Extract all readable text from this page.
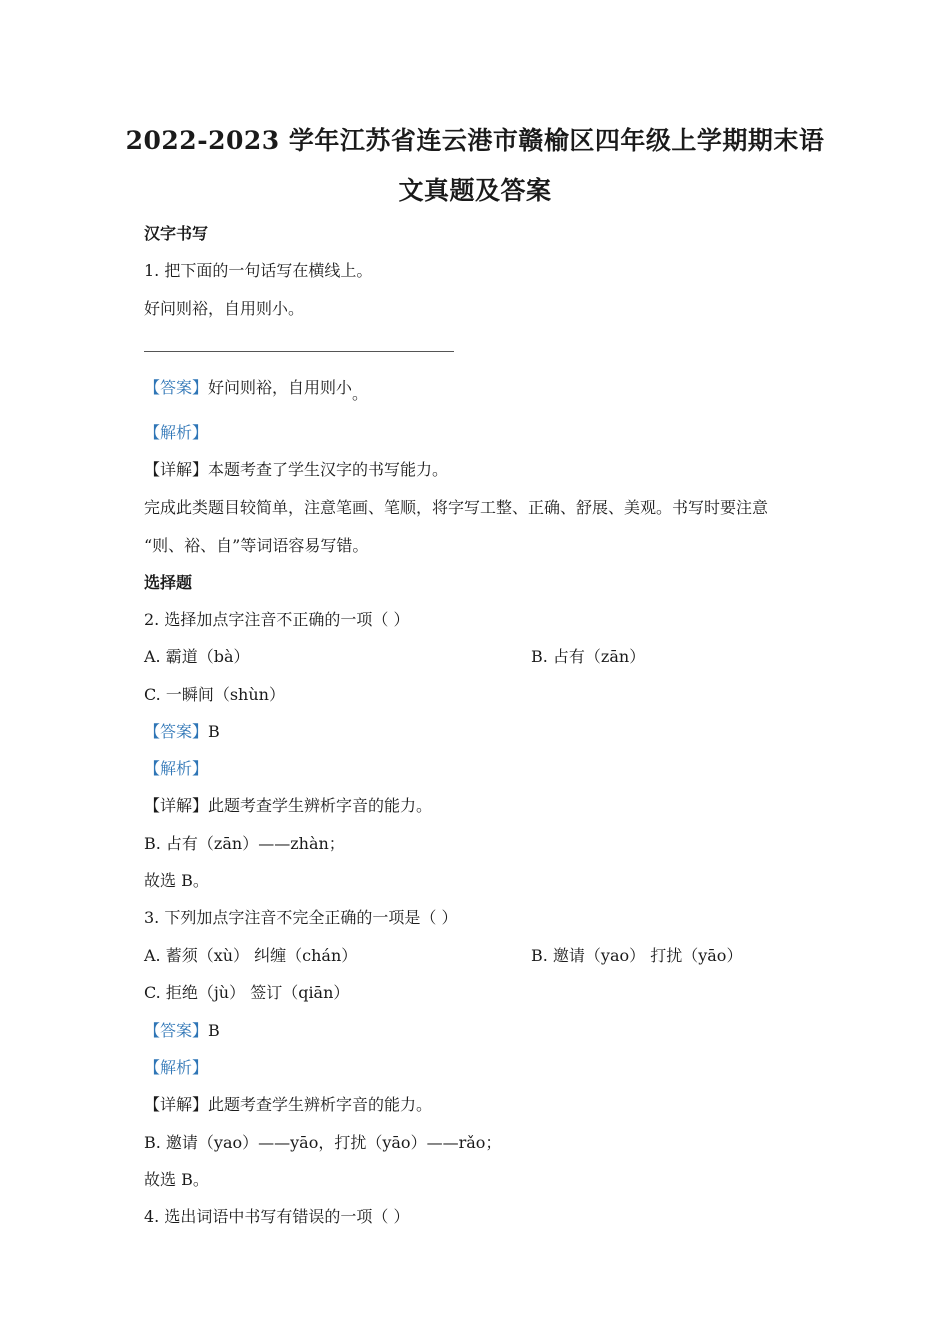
2022-2023 学年江苏省连云港市赣榆区四年级上学期期末语
文真题及答案
汉字书写
1. 把下面的一句话写在横线上。
好问则裕，自用则小。
【答案】好问则裕，自用则小。
【解析】
【详解】本题考查了学生汉字的书写能力。
完成此类题目较简单，注意笔画、笔顺，将字写工整、正确、舒展、美观。书写时要注意
“则、裕、自”等词语容易写错。
选择题
2. 选择加点字注音不正确的一项（ ）
A. 霸道（bà）	B. 占有（zān）
C. 一瞬间（shùn）
【答案】B
【解析】
【详解】此题考查学生辨析字音的能力。
B. 占有（zān）——zhàn；
故选 B。
3. 下列加点字注音不完全正确的一项是（ ）
A. 蓄须（xù） 纠缠（chán）	B. 邀请（yao） 打扰（yāo）
C. 拒绝（jù） 签订（qiān）
【答案】B
【解析】
【详解】此题考查学生辨析字音的能力。
B. 邀请（yao）——yāo，打扰（yāo）——rǎo；
故选 B。
4. 选出词语中书写有错误的一项（ ）
